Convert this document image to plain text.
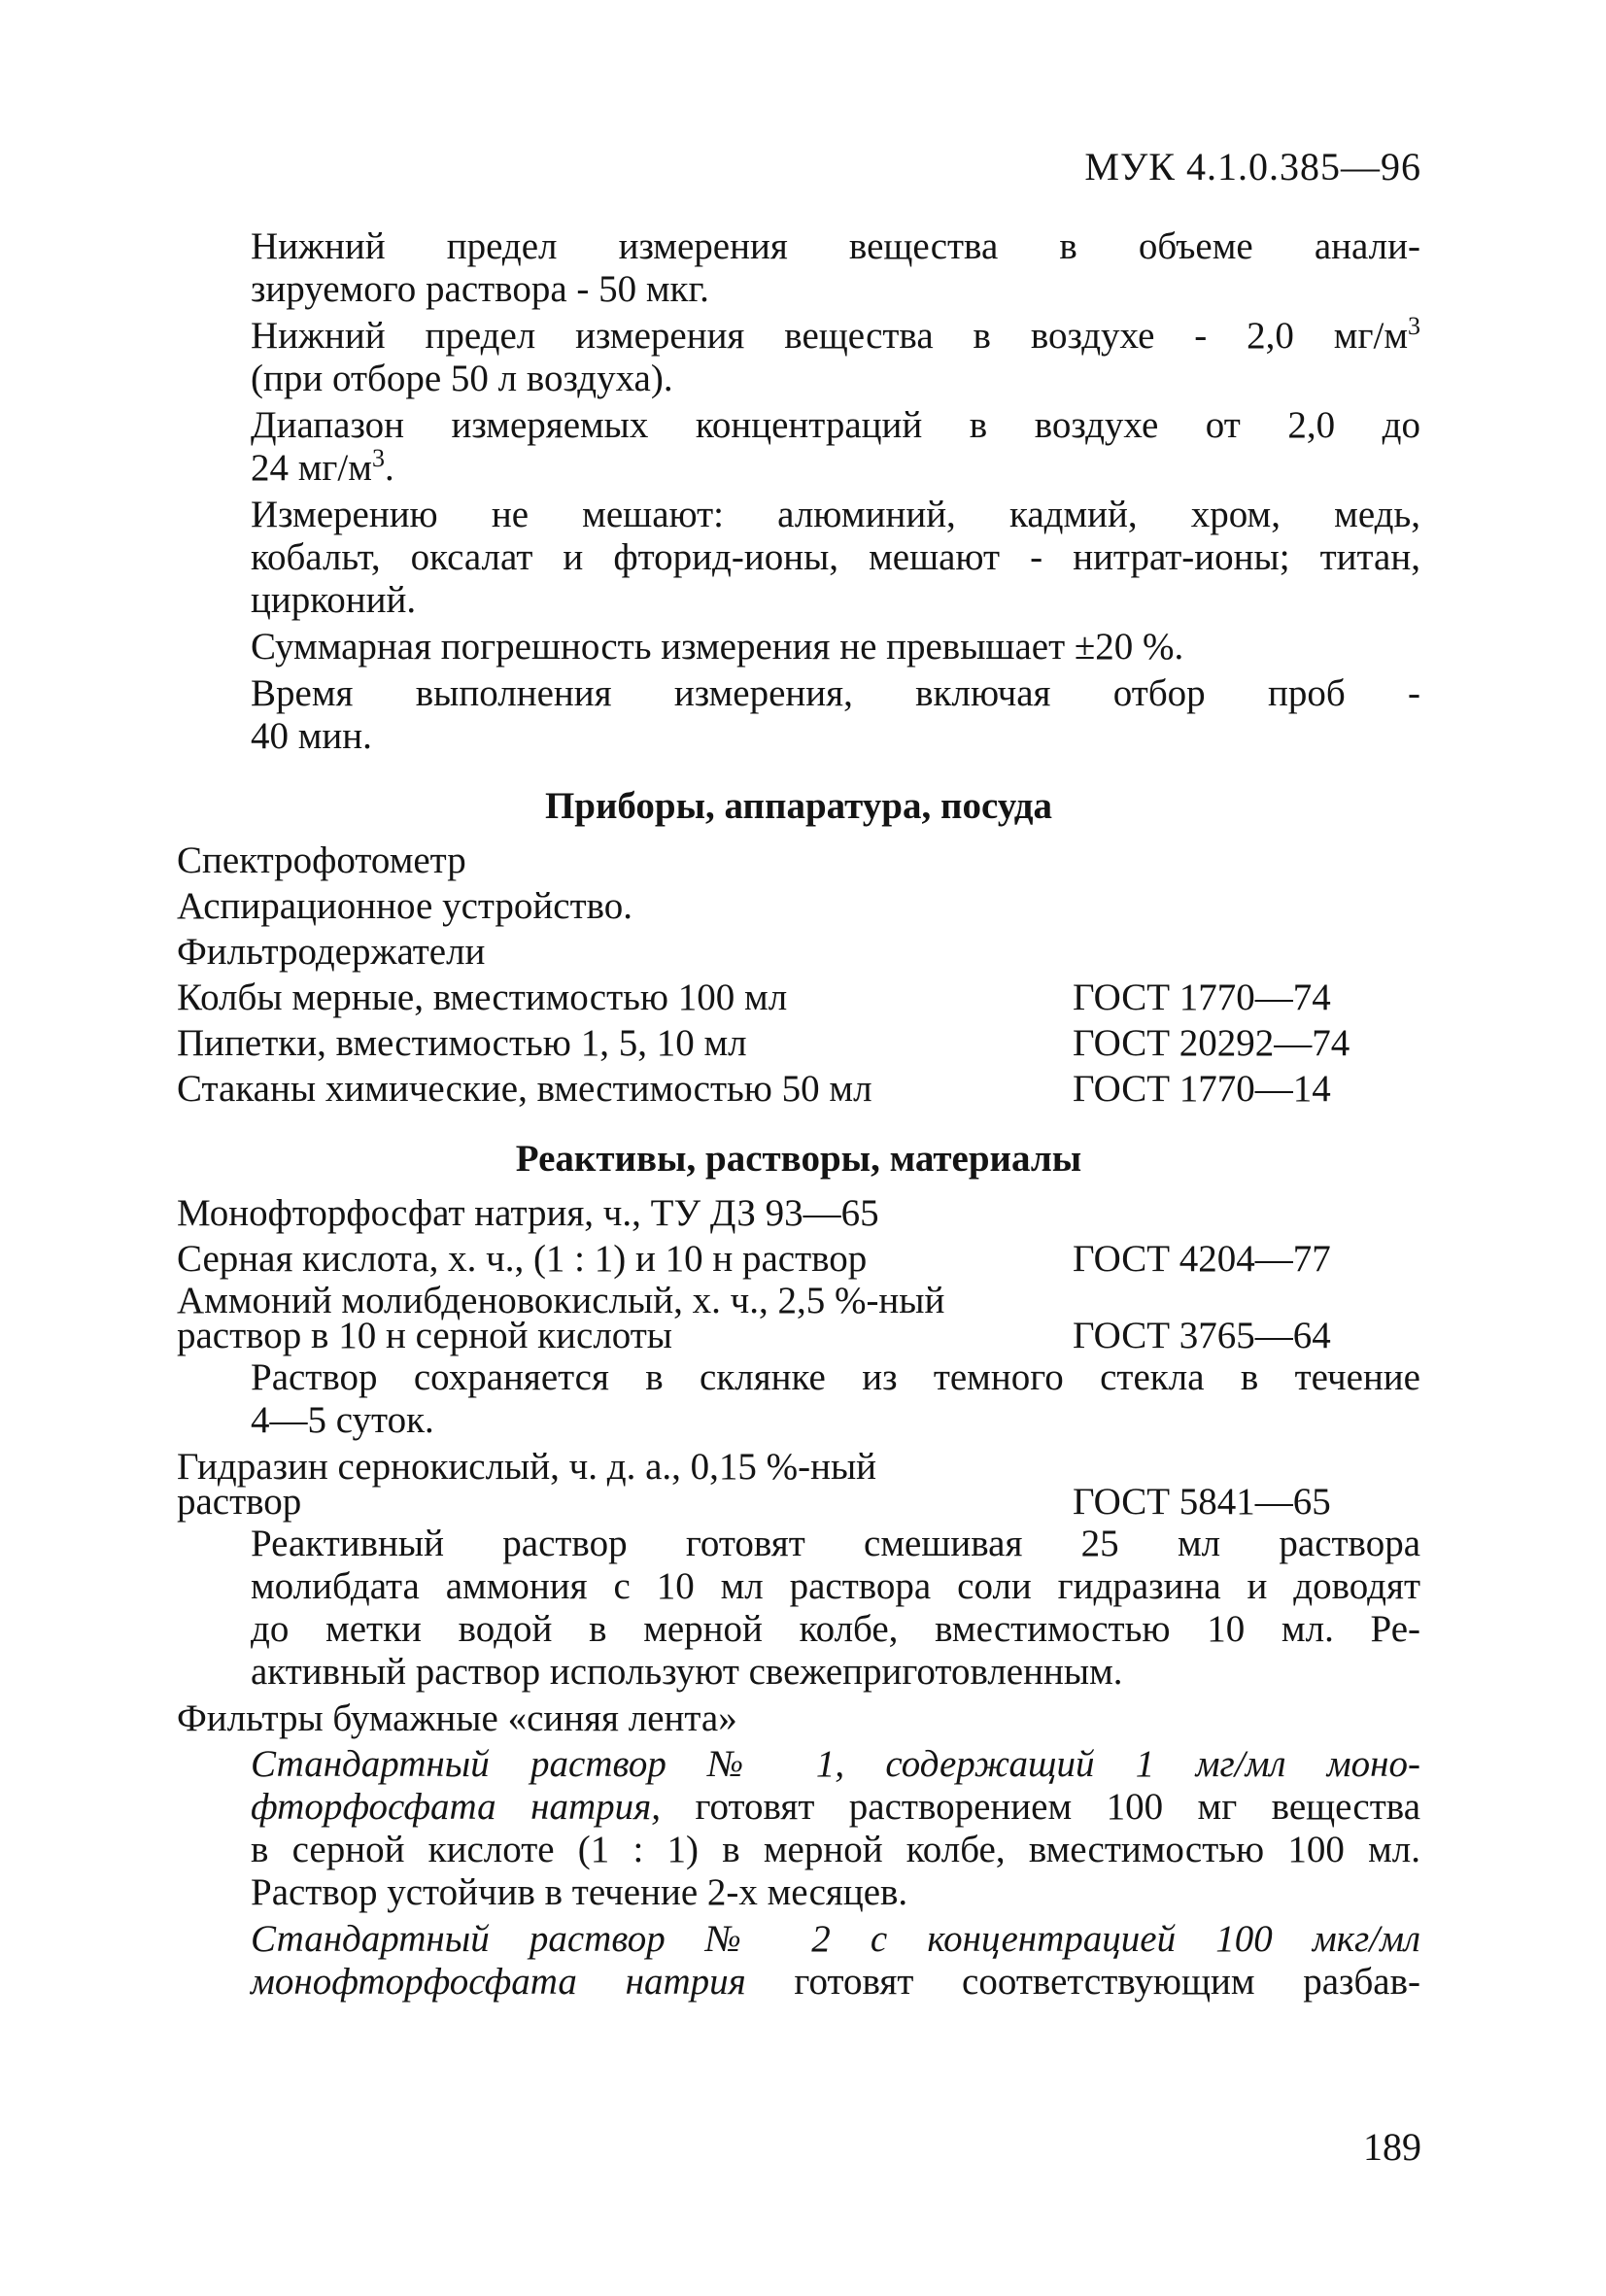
МУК 4.1.0.385—96
Нижний предел измерения вещества в объеме анали-
зируемого раствора - 50 мкг.
Нижний предел измерения вещества в воздухе - 2,0 $мг/м^3$
(при отборе 50 л воздуха).
Диапазон измеряемых концентраций в воздухе от 2,0 до
24 $мг/м^3$.
Измерению не мешают: алюминий, кадмий, хром, медь,
кобальт, оксалат и фторид-ионы, мешают - нитрат-ионы; титан,
цирконий.
Суммарная погрешность измерения не превышает ±20 %.
Время выполнения измерения, включая отбор проб -
40 мин.
Приборы, аппаратура, посуда
Спектрофотометр
Аспирационное устройство.
Фильтродержатели
Колбы мерные, вместимостью 100 мл	ГОСТ 1770—74
Пипетки, вместимостью 1, 5, 10 мл	ГОСТ 20292—74
Стаканы химические, вместимостью 50 мл	ГОСТ 1770—14
Реактивы, растворы, материалы
Монофторфосфат натрия, ч., ТУ ДЗ 93—65
Серная кислота, х. ч., (1 : 1) и 10 н раствор	ГОСТ 4204—77
Аммоний молибденовокислый, х. ч., 2,5 %-ный
раствор в 10 н серной кислоты	ГОСТ 3765—64
Раствор сохраняется в склянке из темного стекла в течение
4—5 суток.
Гидразин сернокислый, ч. д. а., 0,15 %-ный
раствор	ГОСТ 5841—65
Реактивный раствор готовят смешивая 25 мл раствора
молибдата аммония с 10 мл раствора соли гидразина и доводят
до метки водой в мерной колбе, вместимостью 10 мл. Ре-
активный раствор используют свежеприготовленным.
Фильтры бумажные «синяя лента»
Стандартный раствор № 1, содержащий 1 мг/мл моно-
фторфосфата натрия, готовят растворением 100 мг вещества
в серной кислоте (1 : 1) в мерной колбе, вместимостью 100 мл.
Раствор устойчив в течение 2-х месяцев.
Стандартный раствор № 2 с концентрацией 100 мкг/мл
монофторфосфата натрия готовят соответствующим разбав-
189
